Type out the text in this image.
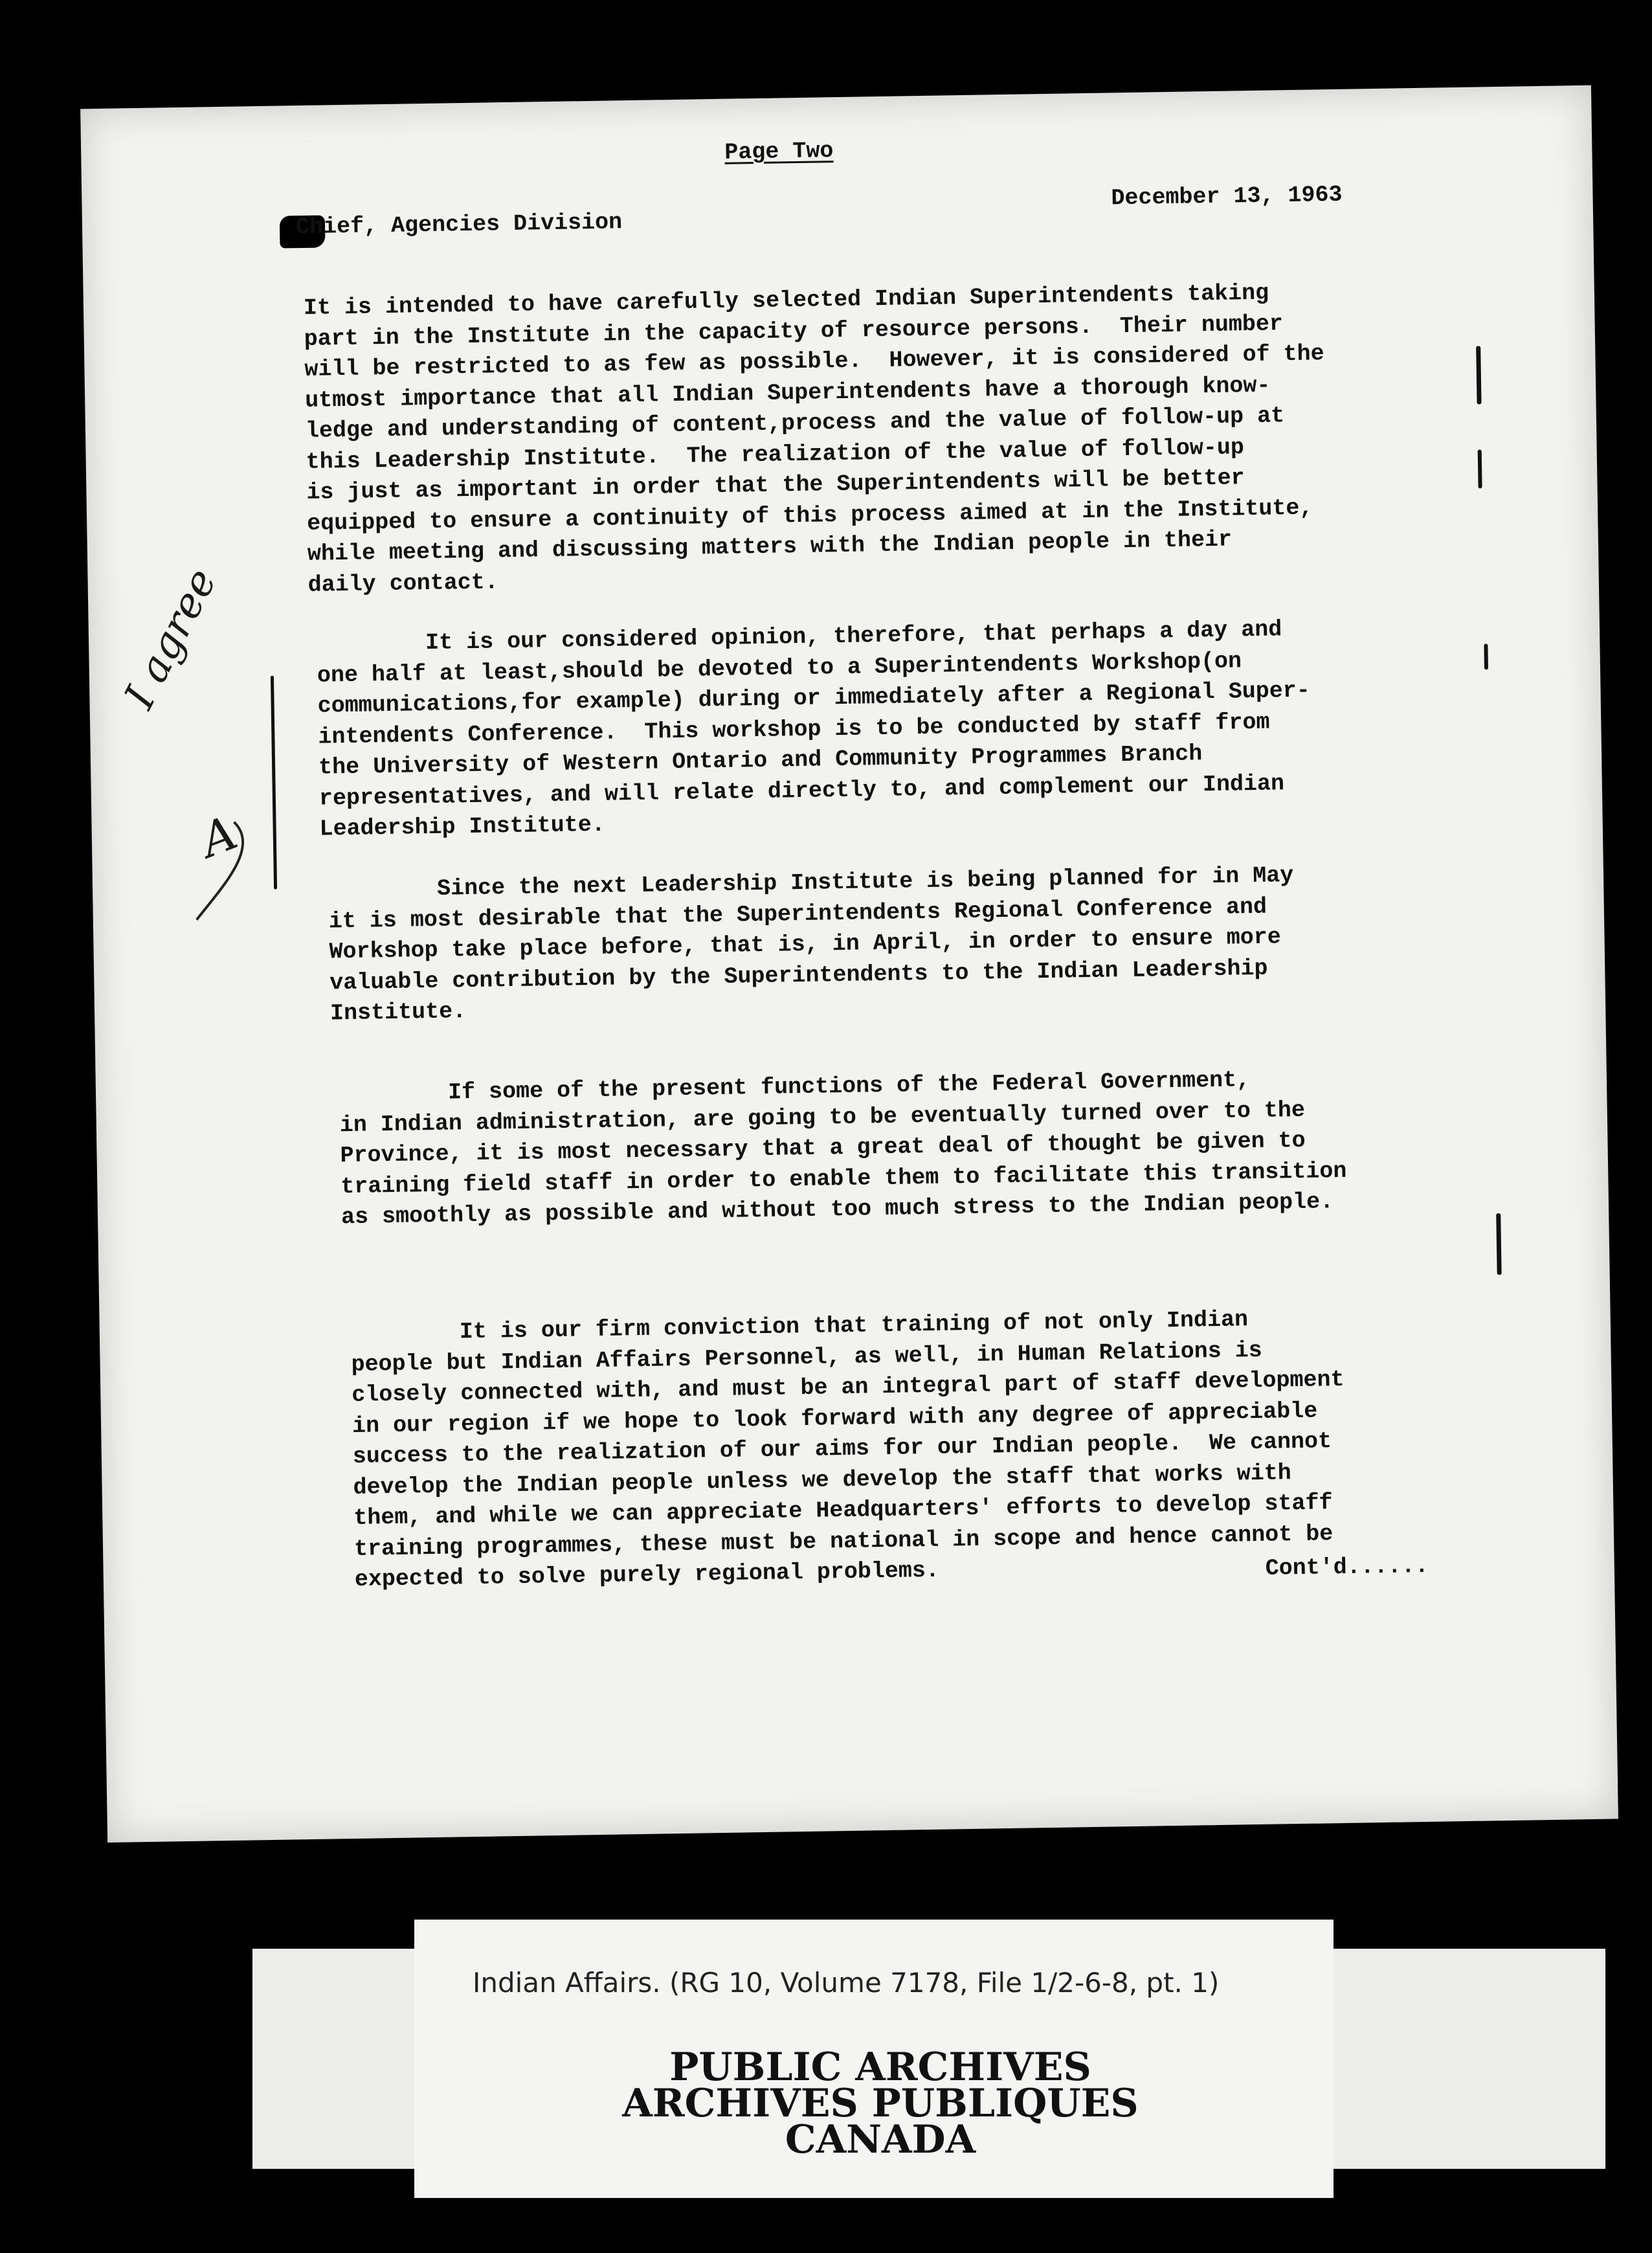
Page Two
Chief, Agencies Division
December 13, 1963
It is intended to have carefully selected Indian Superintendents taking
part in the Institute in the capacity of resource persons.  Their number
will be restricted to as few as possible.  However, it is considered of the
utmost importance that all Indian Superintendents have a thorough know-
ledge and understanding of content,process and the value of follow-up at
this Leadership Institute.  The realization of the value of follow-up
is just as important in order that the Superintendents will be better
equipped to ensure a continuity of this process aimed at in the Institute,
while meeting and discussing matters with the Indian people in their
daily contact.
It is our considered opinion, therefore, that perhaps a day and
one half at least,should be devoted to a Superintendents Workshop(on
communications,for example) during or immediately after a Regional Super-
intendents Conference.  This workshop is to be conducted by staff from
the University of Western Ontario and Community Programmes Branch
representatives, and will relate directly to, and complement our Indian
Leadership Institute.
Since the next Leadership Institute is being planned for in May
it is most desirable that the Superintendents Regional Conference and
Workshop take place before, that is, in April, in order to ensure more
valuable contribution by the Superintendents to the Indian Leadership
Institute.
If some of the present functions of the Federal Government,
in Indian administration, are going to be eventually turned over to the
Province, it is most necessary that a great deal of thought be given to
training field staff in order to enable them to facilitate this transition
as smoothly as possible and without too much stress to the Indian people.
It is our firm conviction that training of not only Indian
people but Indian Affairs Personnel, as well, in Human Relations is
closely connected with, and must be an integral part of staff development
in our region if we hope to look forward with any degree of appreciable
success to the realization of our aims for our Indian people.  We cannot
develop the Indian people unless we develop the staff that works with
them, and while we can appreciate Headquarters' efforts to develop staff
training programmes, these must be national in scope and hence cannot be
expected to solve purely regional problems.	Cont'd......
I agree
A
Indian Affairs. (RG 10, Volume 7178, File 1/2-6-8, pt. 1)
PUBLIC ARCHIVES
ARCHIVES PUBLIQUES
CANADA
